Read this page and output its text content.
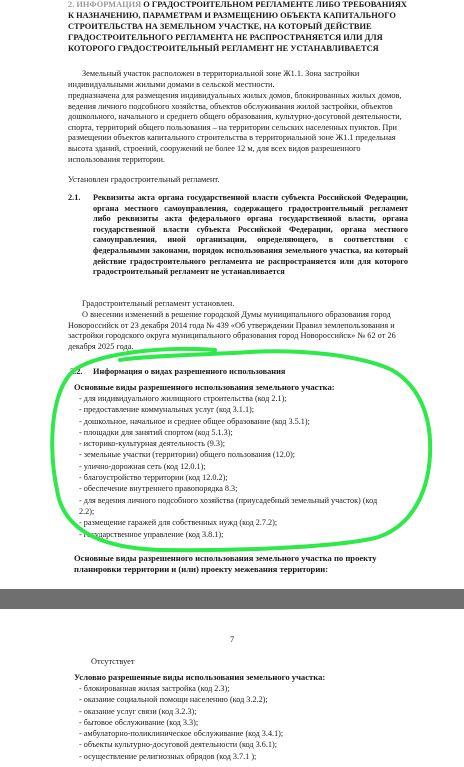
2. ИНФОРМАЦИЯ О ГРАДОСТРОИТЕЛЬНОМ РЕГЛАМЕНТЕ ЛИБО ТРЕБОВАНИЯХ К НАЗНАЧЕНИЮ, ПАРАМЕТРАМ И РАЗМЕЩЕНИЮ ОБЪЕКТА КАПИТАЛЬНОГО СТРОИТЕЛЬСТВА НА ЗЕМЕЛЬНОМ УЧАСТКЕ, НА КОТОРЫЙ ДЕЙСТВИЕ ГРАДОСТРОИТЕЛЬНОГО РЕГЛАМЕНТА НЕ РАСПРОСТРАНЯЕТСЯ ИЛИ ДЛЯ КОТОРОГО ГРАДОСТРОИТЕЛЬНЫЙ РЕГЛАМЕНТ НЕ УСТАНАВЛИВАЕТСЯ

Земельный участок расположен в территориальной зоне Ж1.1. Зона застройки индивидуальными жилыми домами в сельской местности.

предназначена для размещения индивидуальных жилых домов, блокированных жилых домов, ведения личного подсобного хозяйства, объектов обслуживания жилой застройки, объектов дошкольного, начального и среднего общего образования, культурно-досуговой деятельности, спорта, территорий общего пользования – на территории сельских населенных пунктов. При размещении объектов капитального строительства в территориальной зоне Ж1.1 предельная высота зданий, строений, сооружений не более 12 м, для всех видов разрешенного использования территории.

Установлен градостроительный регламент.

2.1. Реквизиты акта органа государственной власти субъекта Российской Федерации, органа местного самоуправления, содержащего градостроительный регламент либо реквизиты акта федерального органа государственной власти, органа государственной власти субъекта Российской Федерации, органа местного самоуправления, иной организации, определяющего, в соответствии с федеральными законами, порядок использования земельного участка, на который действие градостроительного регламента не распространяется или для которого градостроительный регламент не устанавливается

Градостроительный регламент установлен.

О внесении изменений в решение городской Думы муниципального образования город Новороссийск от 23 декабря 2014 года № 439 «Об утверждении Правил землепользования и застройки городского округа муниципального образования город Новороссийск» № 62 от 26 декабря 2025 года.

2.2. Информация о видах разрешенного использования

Основные виды разрешенного использования земельного участка:

- для индивидуального жилищного строительства (код 2.1);
- предоставление коммунальных услуг (код 3.1.1);
- дошкольное, начальное и среднее общее образование (код 3.5.1);
- площадки для занятий спортом (код 5.1.3);
- историко-культурная деятельность (9.3);
- земельные участки (территории) общего пользования (12.0);
- улично-дорожная сеть (код 12.0.1);
- благоустройство территории (код 12.0.2);
- обеспечение внутреннего правопорядка 8.3;
- для ведения личного подсобного хозяйства (приусадебный земельный участок) (код
2.2);
- размещение гаражей для собственных нужд (код 2.7.2);
- государственное управление (код 3.8.1);

Основные виды разрешенного использования земельного участка по проекту планировки территории и (или) проекту межевания территории:

7

Отсутствует

Условно разрешенные виды использования земельного участка:

- блокированная жилая застройка (код 2.3);
- оказание социальной помощи населению (код 3.2.2);
- оказание услуг связи (код 3.2.3);
- бытовое обслуживание (код 3.3);
- амбулаторно-поликлиническое обслуживание (код 3.4.1);
- объекты культурно-досуговой деятельности (код 3.6.1);
- осуществление религиозных обрядов (код 3.7.1 );
